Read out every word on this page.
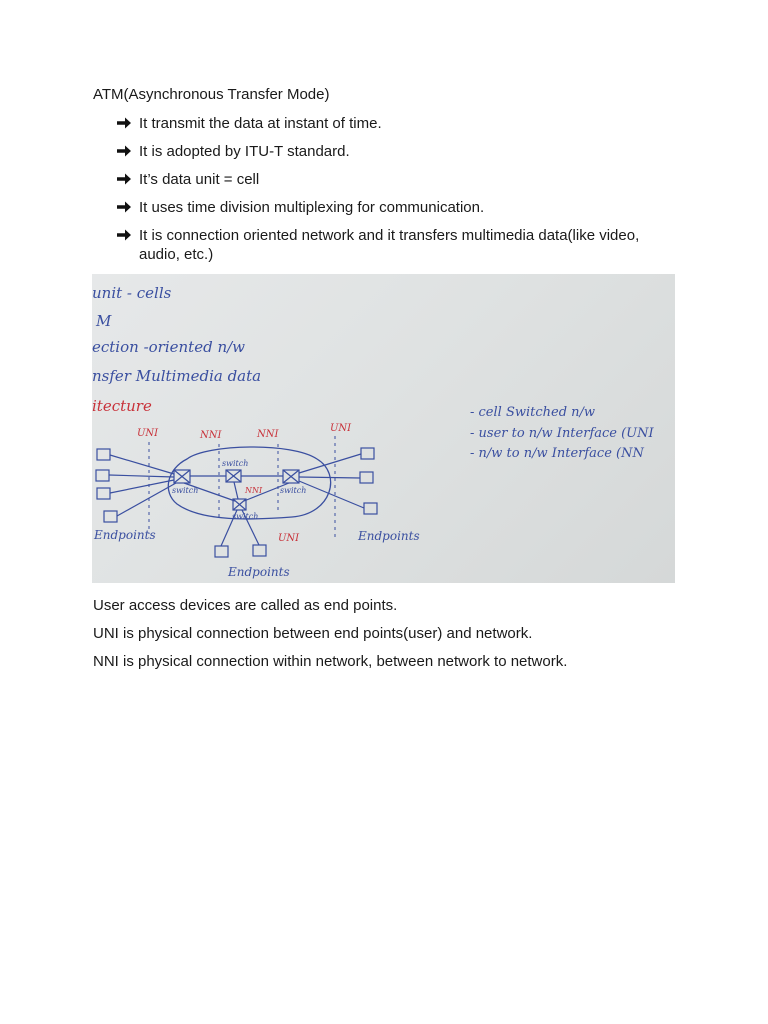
ATM(Asynchronous Transfer Mode)
It transmit the data at instant of time.
It is adopted by ITU-T standard.
It’s data unit = cell
It uses time division multiplexing for communication.
It is connection oriented network and it transfers multimedia data(like video, audio, etc.)
unit - cells
M
ection -oriented n/w
nsfer Multimedia data
itecture	- cell Switched n/w
- user to n/w Interface (UNI
- n/w to n/w Interface (NN
UNI	NNI	NNI
UNI
UNI
NNI
switch
switch	switch
switch
Endpoints	Endpoints
Endpoints
User access devices are called as end points.
UNI is physical connection between end points(user) and network.
NNI is physical connection within network, between network to network.
